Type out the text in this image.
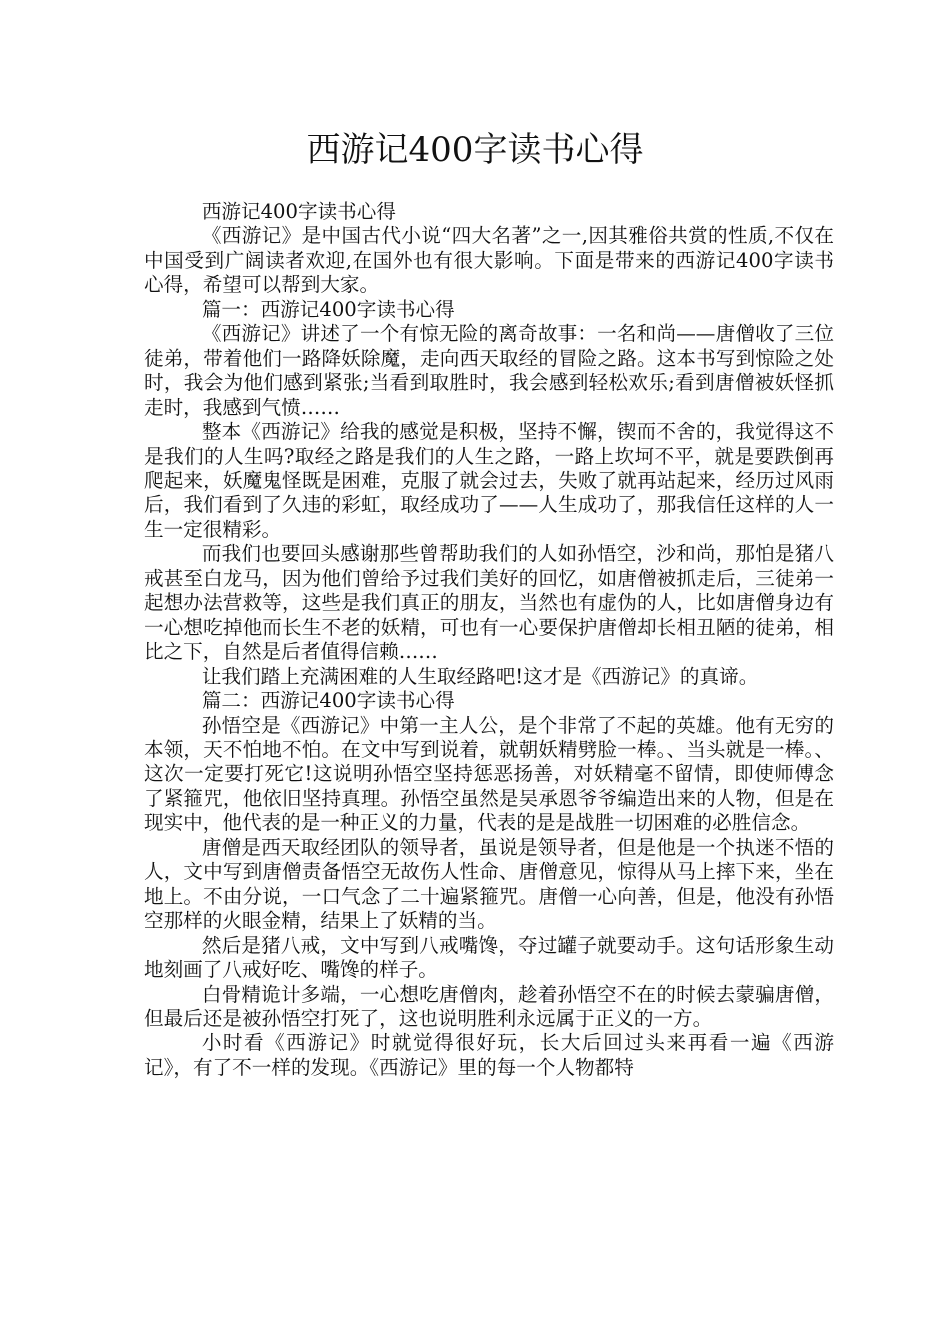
西游记400字读书心得

西游记400字读书心得

《西游记》是中国古代小说“四大名著”之一,因其雅俗共赏的性质,不仅在中国受到广阔读者欢迎,在国外也有很大影响。下面是带来的西游记400字读书心得，希望可以帮到大家。

篇一：西游记400字读书心得

《西游记》讲述了一个有惊无险的离奇故事：一名和尚——唐僧收了三位徒弟，带着他们一路降妖除魔，走向西天取经的冒险之路。这本书写到惊险之处时，我会为他们感到紧张;当看到取胜时，我会感到轻松欢乐;看到唐僧被妖怪抓走时，我感到气愤……

整本《西游记》给我的感觉是积极，坚持不懈，锲而不舍的，我觉得这不是我们的人生吗?取经之路是我们的人生之路，一路上坎坷不平，就是要跌倒再爬起来，妖魔鬼怪既是困难，克服了就会过去，失败了就再站起来，经历过风雨后，我们看到了久违的彩虹，取经成功了——人生成功了，那我信任这样的人一生一定很精彩。

而我们也要回头感谢那些曾帮助我们的人如孙悟空，沙和尚，那怕是猪八戒甚至白龙马，因为他们曾给予过我们美好的回忆，如唐僧被抓走后，三徒弟一起想办法营救等，这些是我们真正的朋友，当然也有虚伪的人，比如唐僧身边有一心想吃掉他而长生不老的妖精，可也有一心要保护唐僧却长相丑陋的徒弟，相比之下，自然是后者值得信赖……

让我们踏上充满困难的人生取经路吧!这才是《西游记》的真谛。

篇二：西游记400字读书心得

孙悟空是《西游记》中第一主人公，是个非常了不起的英雄。他有无穷的本领，天不怕地不怕。在文中写到说着，就朝妖精劈脸一棒。、当头就是一棒。、这次一定要打死它!这说明孙悟空坚持惩恶扬善，对妖精毫不留情，即使师傅念了紧箍咒，他依旧坚持真理。孙悟空虽然是吴承恩爷爷编造出来的人物，但是在现实中，他代表的是一种正义的力量，代表的是是战胜一切困难的必胜信念。

唐僧是西天取经团队的领导者，虽说是领导者，但是他是一个执迷不悟的人，文中写到唐僧责备悟空无故伤人性命、唐僧意见，惊得从马上摔下来，坐在地上。不由分说，一口气念了二十遍紧箍咒。唐僧一心向善，但是，他没有孙悟空那样的火眼金精，结果上了妖精的当。

然后是猪八戒，文中写到八戒嘴馋，夺过罐子就要动手。这句话形象生动地刻画了八戒好吃、嘴馋的样子。

白骨精诡计多端，一心想吃唐僧肉，趁着孙悟空不在的时候去蒙骗唐僧，但最后还是被孙悟空打死了，这也说明胜利永远属于正义的一方。

小时看《西游记》时就觉得很好玩，长大后回过头来再看一遍《西游记》，有了不一样的发现。《西游记》里的每一个人物都特
